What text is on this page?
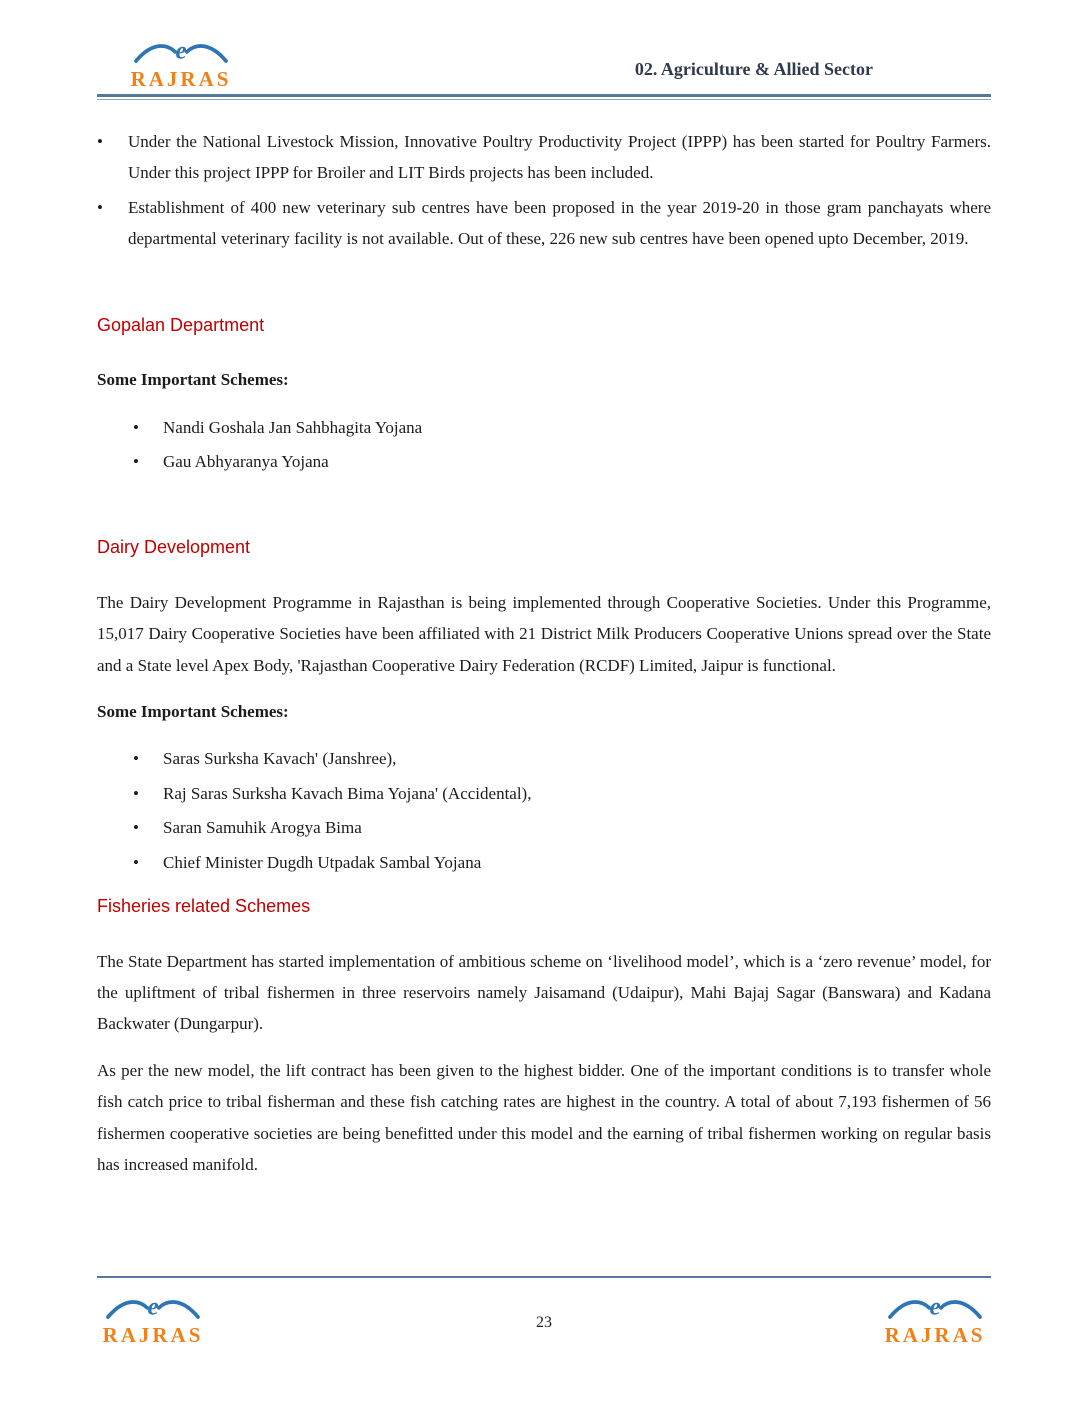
e
RAJRAS	02. Agriculture & Allied Sector
•	Under the National Livestock Mission, Innovative Poultry Productivity Project (IPPP) has been started for Poultry Farmers. Under this project IPPP for Broiler and LIT Birds projects has been included.
•	Establishment of 400 new veterinary sub centres have been proposed in the year 2019-20 in those gram panchayats where departmental veterinary facility is not available. Out of these, 226 new sub centres have been opened upto December, 2019.
Gopalan Department
Some Important Schemes:
•	Nandi Goshala Jan Sahbhagita Yojana
•	Gau Abhyaranya Yojana
Dairy Development

The Dairy Development Programme in Rajasthan is being implemented through Cooperative Societies. Under this Programme, 15,017 Dairy Cooperative Societies have been affiliated with 21 District Milk Producers Cooperative Unions spread over the State and a State level Apex Body, 'Rajasthan Cooperative Dairy Federation (RCDF) Limited, Jaipur is functional.

Some Important Schemes:
•	Saras Surksha Kavach' (Janshree),
•	Raj Saras Surksha Kavach Bima Yojana' (Accidental),
•	Saran Samuhik Arogya Bima
•	Chief Minister Dugdh Utpadak Sambal Yojana
Fisheries related Schemes

The State Department has started implementation of ambitious scheme on ‘livelihood model’, which is a ‘zero revenue’ model, for the upliftment of tribal fishermen in three reservoirs namely Jaisamand (Udaipur), Mahi Bajaj Sagar (Banswara) and Kadana Backwater (Dungarpur).

As per the new model, the lift contract has been given to the highest bidder. One of the important conditions is to transfer whole fish catch price to tribal fisherman and these fish catching rates are highest in the country. A total of about 7,193 fishermen of 56 fishermen cooperative societies are being benefitted under this model and the earning of tribal fishermen working on regular basis has increased manifold.

e
RAJRAS
e
RAJRAS
23
